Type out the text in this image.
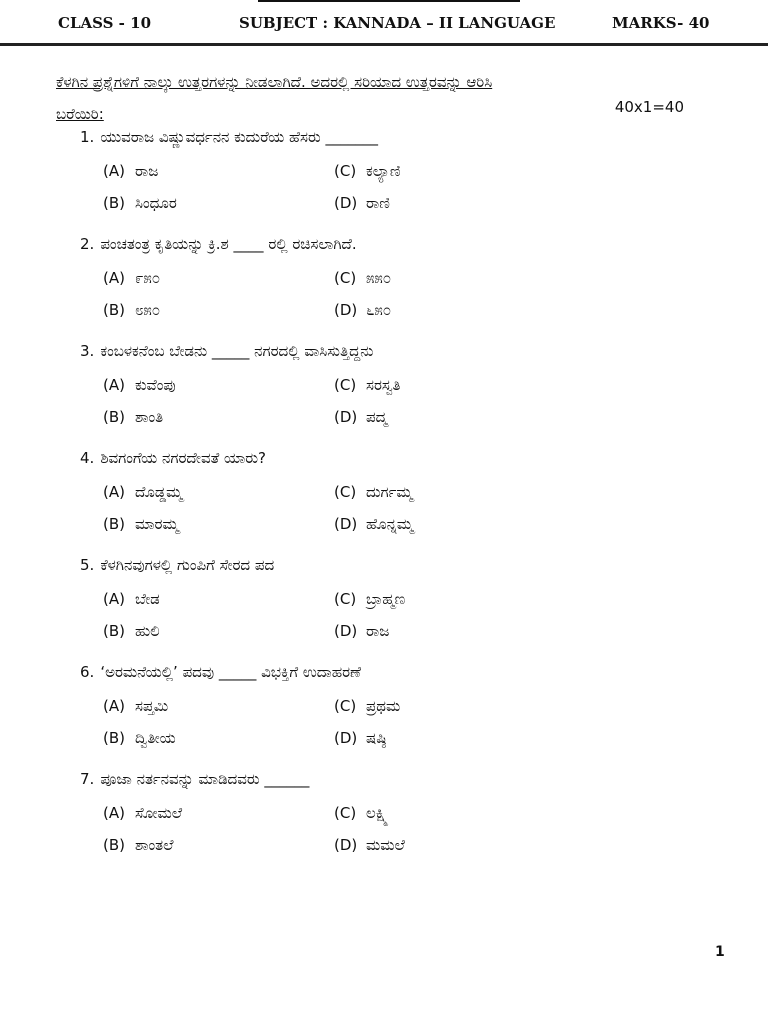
CLASS - 10	SUBJECT : KANNADA – II LANGUAGE	MARKS- 40
ಕೆಳಗಿನ ಪ್ರಶ್ನೆಗಳಿಗೆ ನಾಲ್ಕು ಉತ್ತರಗಳನ್ನು ನೀಡಲಾಗಿದೆ. ಅದರಲ್ಲಿ ಸರಿಯಾದ ಉತ್ತರವನ್ನು ಆರಿಸಿ
ಬರೆಯಿರಿ:	40x1=40
1. ಯುವರಾಜ ವಿಷ್ಣುವರ್ಧನನ ಕುದುರೆಯ ಹೆಸರು _______
(A) ರಾಜ
(B) ಸಿಂಧೂರ
(C) ಕಲ್ಯಾಣಿ
(D) ರಾಣಿ
2. ಪಂಚತಂತ್ರ ಕೃತಿಯನ್ನು ಕ್ರಿ.ಶ ____ ರಲ್ಲಿ ರಚಿಸಲಾಗಿದೆ.
(A) ೯೫೦
(B) ೮೫೦
(C) ೫೫೦
(D) ೬೫೦
3. ಕಂಬಳಕನೆಂಬ ಬೇಡನು _____ ನಗರದಲ್ಲಿ ವಾಸಿಸುತ್ತಿದ್ದನು
(A) ಕುವೆಂಪು
(B) ಶಾಂತಿ
(C) ಸರಸ್ವತಿ
(D) ಪದ್ಮ
4. ಶಿವಗಂಗೆಯ ನಗರದೇವತೆ ಯಾರು?
(A) ದೊಡ್ಡಮ್ಮ
(B) ಮಾರಮ್ಮ
(C) ದುರ್ಗಮ್ಮ
(D) ಹೊನ್ನಮ್ಮ
5. ಕೆಳಗಿನವುಗಳಲ್ಲಿ ಗುಂಪಿಗೆ ಸೇರದ ಪದ
(A) ಬೇಡ
(B) ಹುಲಿ
(C) ಬ್ರಾಹ್ಮಣ
(D) ರಾಜ
6. ‘ಅರಮನೆಯಲ್ಲಿ’ ಪದವು _____ ವಿಭಕ್ತಿಗೆ ಉದಾಹರಣೆ
(A) ಸಪ್ತಮಿ
(B) ದ್ವಿತೀಯ
(C) ಪ್ರಥಮ
(D) ಷಷ್ಠಿ
7. ಪೂಜಾ ನರ್ತನವನ್ನು ಮಾಡಿದವರು ______
(A) ಸೋಮಲೆ
(B) ಶಾಂತಲೆ
(C) ಲಕ್ಷ್ಮಿ
(D) ಮಮಲೆ
1
